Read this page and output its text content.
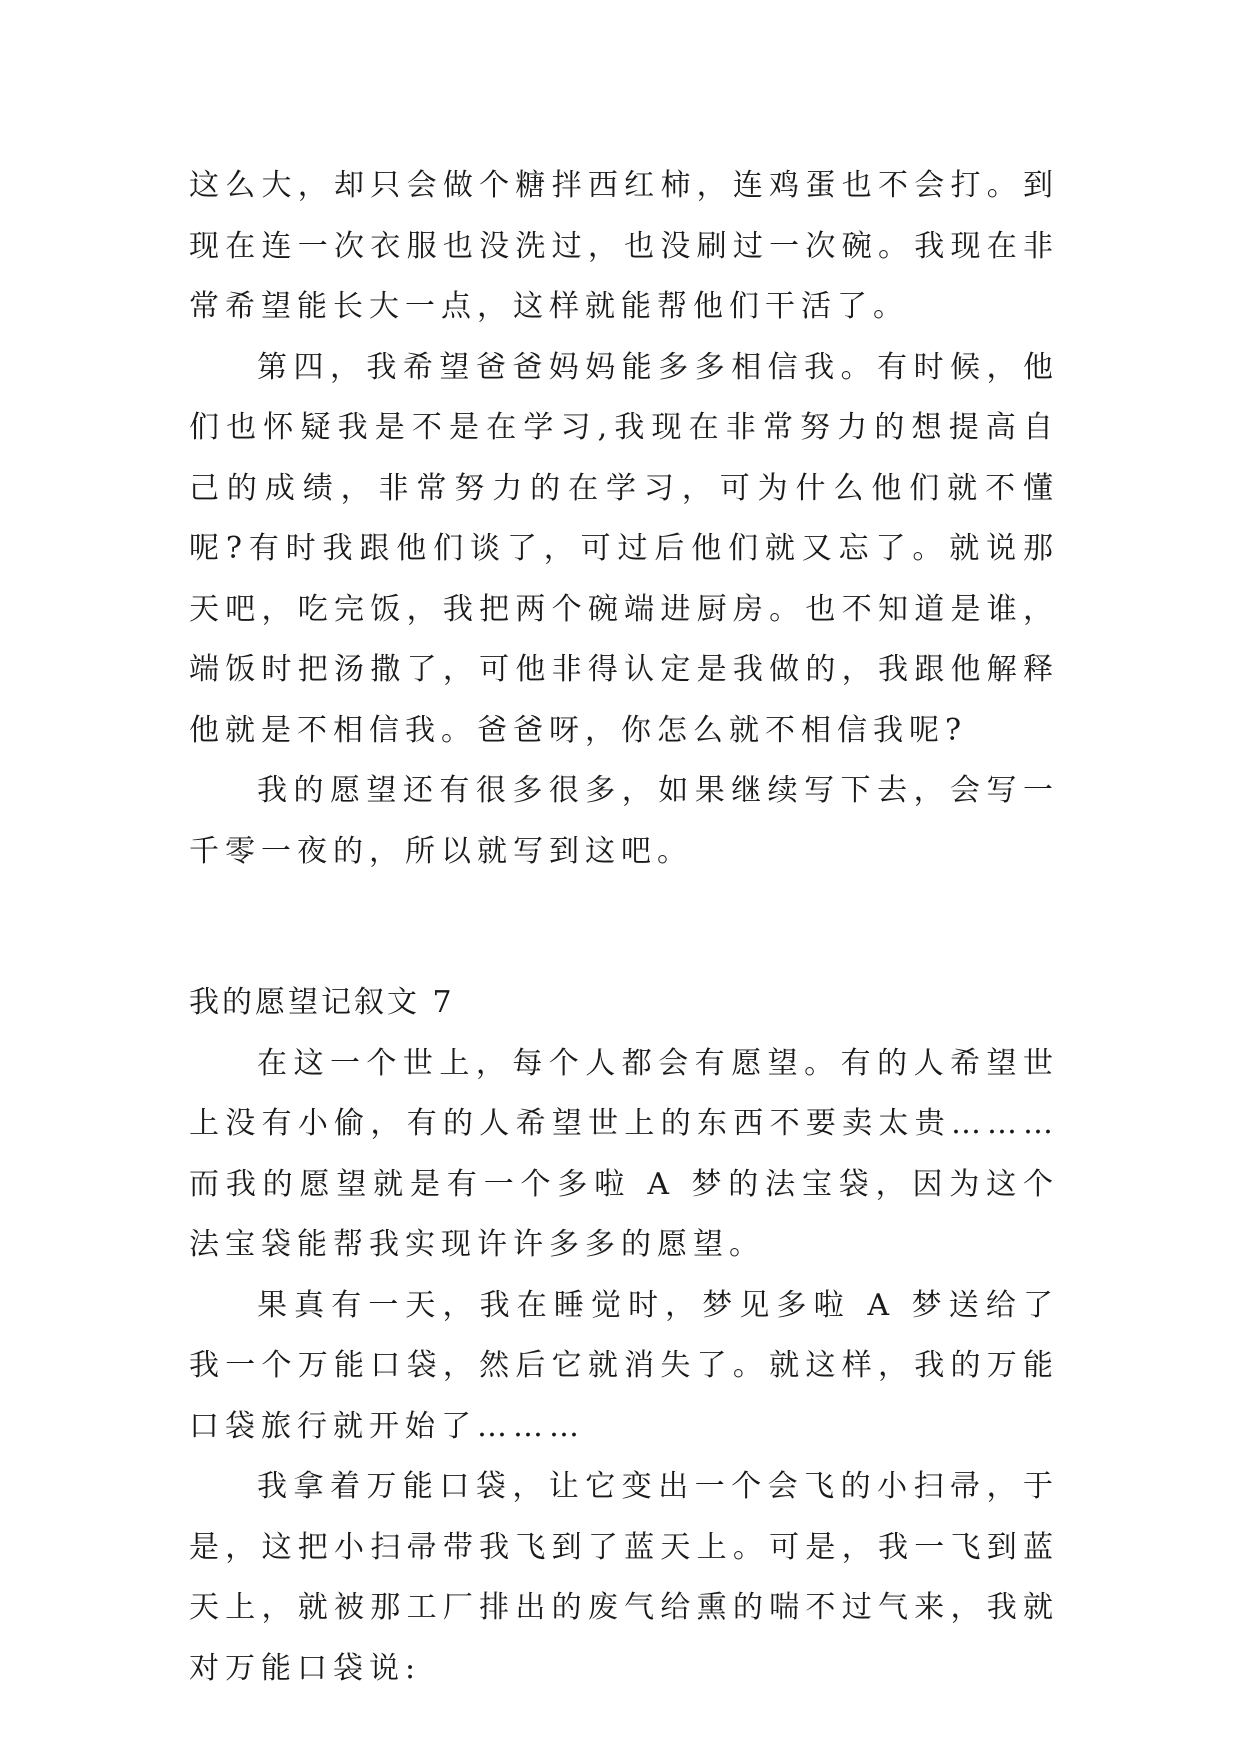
这么大，却只会做个糖拌西红柿，连鸡蛋也不会打。到现在连一次衣服也没洗过，也没刷过一次碗。我现在非常希望能长大一点，这样就能帮他们干活了。

第四，我希望爸爸妈妈能多多相信我。有时候，他们也怀疑我是不是在学习,我现在非常努力的想提高自己的成绩，非常努力的在学习，可为什么他们就不懂呢?有时我跟他们谈了，可过后他们就又忘了。就说那天吧，吃完饭，我把两个碗端进厨房。也不知道是谁，端饭时把汤撒了，可他非得认定是我做的，我跟他解释他就是不相信我。爸爸呀，你怎么就不相信我呢?

我的愿望还有很多很多，如果继续写下去，会写一千零一夜的，所以就写到这吧。

我的愿望记叙文 7

在这一个世上，每个人都会有愿望。有的人希望世上没有小偷，有的人希望世上的东西不要卖太贵………而我的愿望就是有一个多啦 A 梦的法宝袋，因为这个法宝袋能帮我实现许许多多的愿望。

果真有一天，我在睡觉时，梦见多啦 A 梦送给了我一个万能口袋，然后它就消失了。就这样，我的万能口袋旅行就开始了………

我拿着万能口袋，让它变出一个会飞的小扫帚，于是，这把小扫帚带我飞到了蓝天上。可是，我一飞到蓝天上，就被那工厂排出的废气给熏的喘不过气来，我就对万能口袋说:
